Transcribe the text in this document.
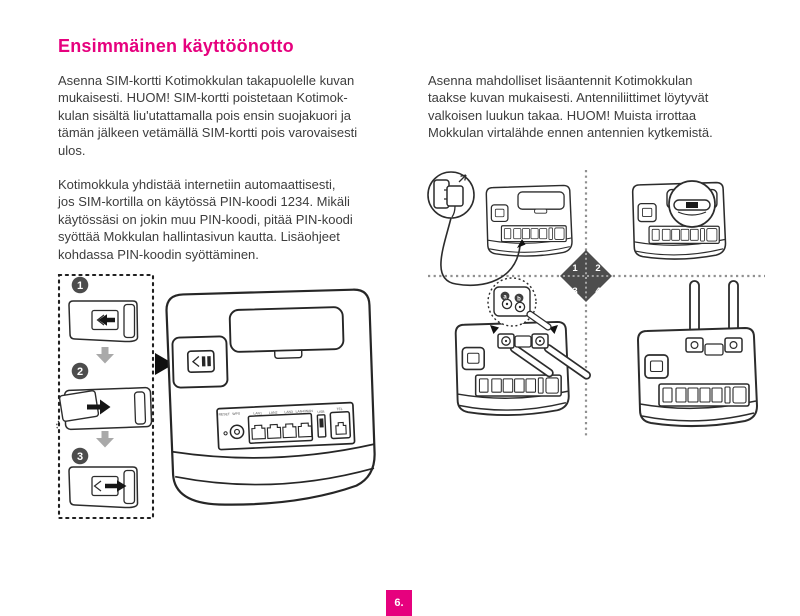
Ensimmäinen käyttöönotto
Asenna SIM-kortti Kotimokkulan takapuolelle kuvan
mukaisesti. HUOM! SIM-kortti poistetaan Kotimok-
kulan sisältä liu'utattamalla pois ensin suojakuori ja
tämän jälkeen vetämällä SIM-kortti pois varovaisesti
ulos.
Kotimokkula yhdistää internetiin automaattisesti,
jos SIM-kortilla on käytössä PIN-koodi 1234. Mikäli
käytössäsi on jokin muu PIN-koodi, pitää PIN-koodi
syöttää Mokkulan hallintasivun kautta. Lisäohjeet
kohdassa PIN-koodin syöttäminen.
Asenna mahdolliset lisäantennit Kotimokkulan
taakse kuvan mukaisesti. Antenniliittimet löytyvät
valkoisen luukun takaa. HUOM! Muista irrottaa
Mokkulan virtalähde ennen antennien kytkemistä.
1
2
3
RESET WPS	LAN1 LAN2 LAN3 LAN4/WAN USB
TEL
a b
1 2
3 4
6.
